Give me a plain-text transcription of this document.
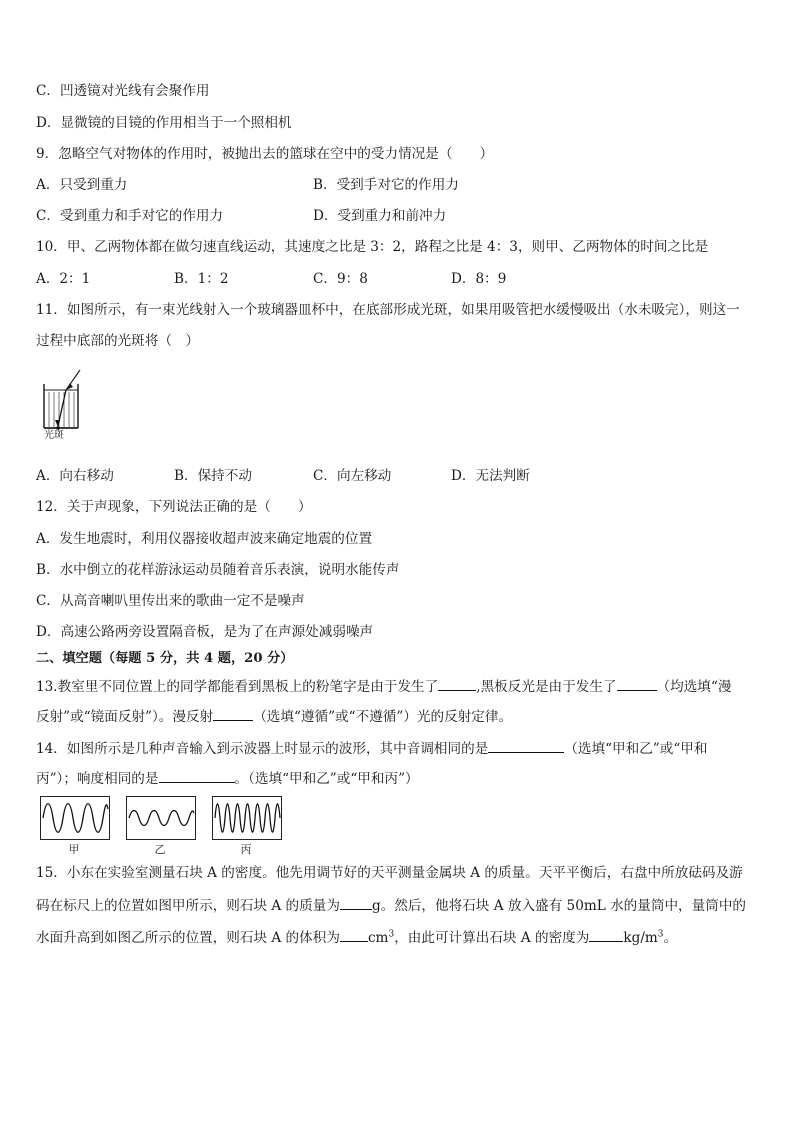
C．凹透镜对光线有会聚作用
D．显微镜的目镜的作用相当于一个照相机
9．忽略空气对物体的作用时，被抛出去的篮球在空中的受力情况是（　　）
A．只受到重力	B．受到手对它的作用力
C．受到重力和手对它的作用力	D．受到重力和前冲力
10．甲、乙两物体都在做匀速直线运动，其速度之比是 3：2，路程之比是 4：3，则甲、乙两物体的时间之比是
A．2：1	B．1：2	C．9：8	D．8：9
11．如图所示，有一束光线射入一个玻璃器皿杯中，在底部形成光斑，如果用吸管把水缓慢吸出（水未吸完），则这一
过程中底部的光斑将（　）
光斑
A．向右移动	B．保持不动	C．向左移动	D．无法判断
12．关于声现象，下列说法正确的是（　　）
A．发生地震时，利用仪器接收超声波来确定地震的位置
B．水中倒立的花样游泳运动员随着音乐表演，说明水能传声
C．从高音喇叭里传出来的歌曲一定不是噪声
D．高速公路两旁设置隔音板，是为了在声源处减弱噪声
二、填空题（每题 5 分，共 4 题，20 分）
13.教室里不同位置上的同学都能看到黑板上的粉笔字是由于发生了	,黑板反光是由于发生了	（均选填“漫
反射”或“镜面反射”）。漫反射	（选填“遵循”或“不遵循”）光的反射定律。
14．如图所示是几种声音输入到示波器上时显示的波形，其中音调相同的是	（选填“甲和乙”或“甲和
丙”）；响度相同的是	。（选填“甲和乙”或“甲和丙”）
甲	乙	丙
15．小东在实验室测量石块 A 的密度。他先用调节好的天平测量金属块 A 的质量。天平平衡后，右盘中所放砝码及游
码在标尺上的位置如图甲所示，则石块 A 的质量为 g。然后，他将石块 A 放入盛有 50mL 水的量筒中，量筒中的
水面升高到如图乙所示的位置，则石块 A 的体积为 $cm^3$，由此可计算出石块 A 的密度为	$kg/m^3$。
